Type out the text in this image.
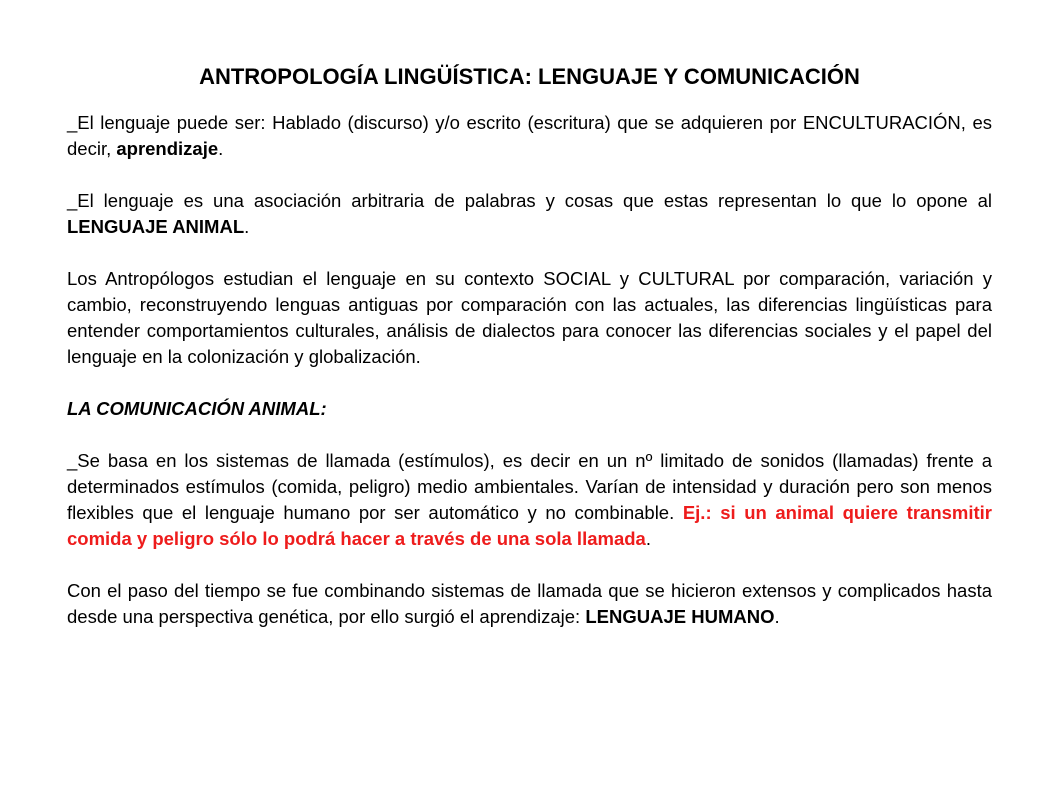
ANTROPOLOGÍA LINGÜÍSTICA: LENGUAJE Y COMUNICACIÓN

_El lenguaje puede ser: Hablado (discurso) y/o escrito (escritura) que se adquieren por ENCULTURACIÓN, es decir, aprendizaje.

_El lenguaje es una asociación arbitraria de palabras y cosas que estas representan lo que lo opone al LENGUAJE ANIMAL.

Los Antropólogos estudian el lenguaje en su contexto SOCIAL y CULTURAL por comparación, variación y cambio, reconstruyendo lenguas antiguas por comparación con las actuales, las diferencias lingüísticas para entender comportamientos culturales, análisis de dialectos para conocer las diferencias sociales y el papel del lenguaje en la colonización y globalización.

LA COMUNICACIÓN ANIMAL:

_Se basa en los sistemas de llamada (estímulos), es decir en un nº limitado de sonidos (llamadas) frente a determinados estímulos (comida, peligro) medio ambientales. Varían de intensidad y duración pero son menos flexibles que el lenguaje humano por ser automático y no combinable. Ej.: si un animal quiere transmitir comida y peligro sólo lo podrá hacer a través de una sola llamada.

Con el paso del tiempo se fue combinando sistemas de llamada que se hicieron extensos y complicados hasta desde una perspectiva genética, por ello surgió el aprendizaje: LENGUAJE HUMANO.
